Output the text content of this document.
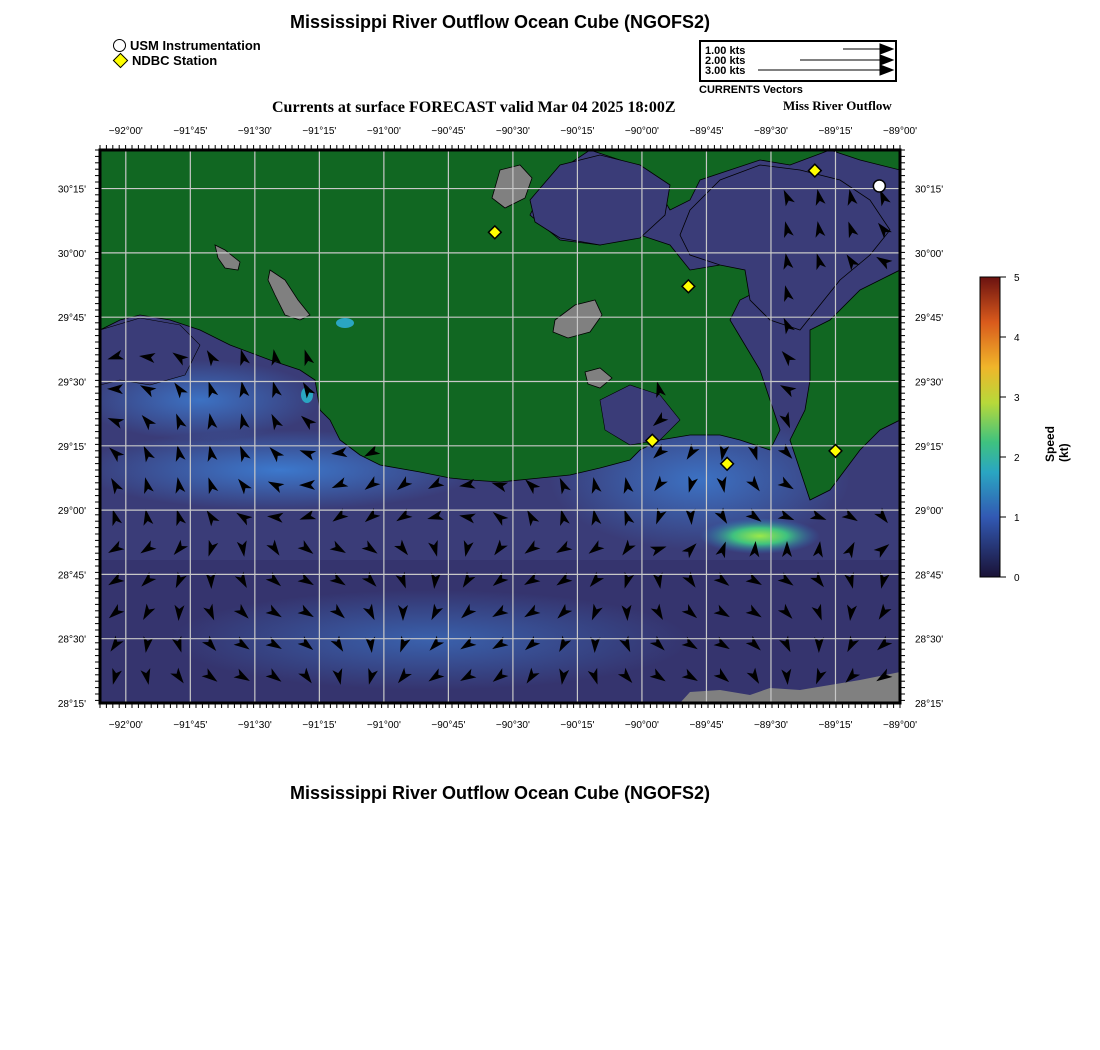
Mississippi River Outflow Ocean Cube (NGOFS2)
Mississippi River Outflow Ocean Cube (NGOFS2)
USM Instrumentation
NDBC Station
1.00 kts
2.00 kts
3.00 kts
CURRENTS Vectors
Currents at surface FORECAST valid Mar 04 2025 18:00Z	Miss River Outflow
5
4
3
2
1
0
−92°00'	−91°45'	−91°30'	−91°15'	−91°00'	−90°45'	−90°30'	−90°15'	−90°00'	−89°45'	−89°30'	−89°15'	−89°00'
−92°00'	−91°45'	−91°30'	−91°15'	−91°00'	−90°45'	−90°30'	−90°15'	−90°00'	−89°45'	−89°30'	−89°15'	−89°00'
30°15'
30°00'
29°45'
29°30'
29°15'
29°00'
28°45'
28°30'
28°15'
30°15'
30°00'
29°45'
29°30'
29°15'
29°00'
28°45'
28°30'
28°15'
Speed (kt)
